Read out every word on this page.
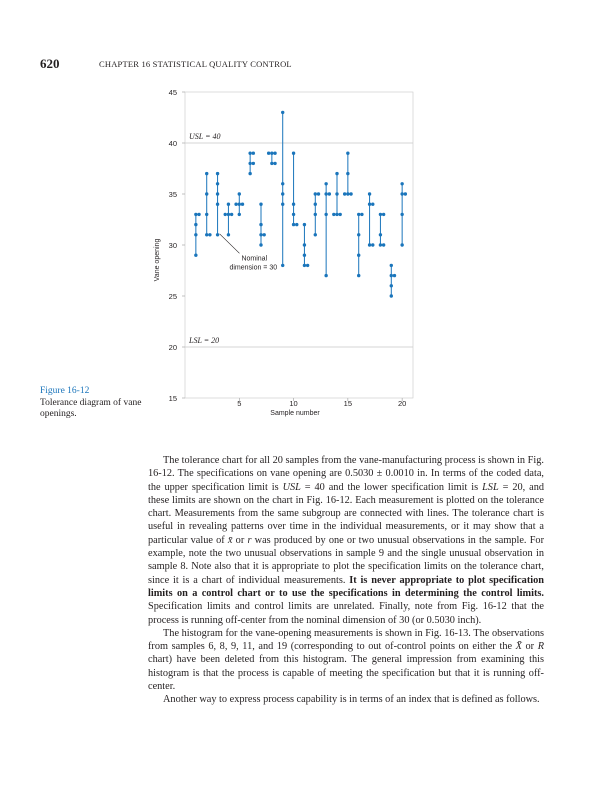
620	CHAPTER 16 STATISTICAL QUALITY CONTROL
Figure 16-12
Tolerance diagram of vane openings.
USL = 40
LSL = 20
15
20
25
30
35
40
45
5	10	15	20
Sample number
Vane opening	Nominal
dimension = 30

The tolerance chart for all 20 samples from the vane-manufacturing process is shown in Fig. 16-12. The specifications on vane opening are 0.5030 ± 0.0010 in. In terms of the coded data, the upper specification limit is USL = 40 and the lower specification limit is LSL = 20, and these limits are shown on the chart in Fig. 16-12. Each measurement is plotted on the tolerance chart. Measurements from the same subgroup are connected with lines. The tolerance chart is useful in revealing patterns over time in the individual measurements, or it may show that a particular value of x̄ or r was produced by one or two unusual observations in the sample. For example, note the two unusual observations in sample 9 and the single unusual observation in sample 8. Note also that it is appropriate to plot the specification limits on the tolerance chart, since it is a chart of individual measurements. It is never appropriate to plot specification limits on a control chart or to use the specifications in determining the control limits. Specification limits and control limits are unrelated. Finally, note from Fig. 16-12 that the process is running off-center from the nominal dimension of 30 (or 0.5030 inch).

The histogram for the vane-opening measurements is shown in Fig. 16-13. The observations from samples 6, 8, 9, 11, and 19 (corresponding to out of-control points on either the X̄ or R chart) have been deleted from this histogram. The general impression from examining this histogram is that the process is capable of meeting the specification but that it is running off-center.

Another way to express process capability is in terms of an index that is defined as follows.
